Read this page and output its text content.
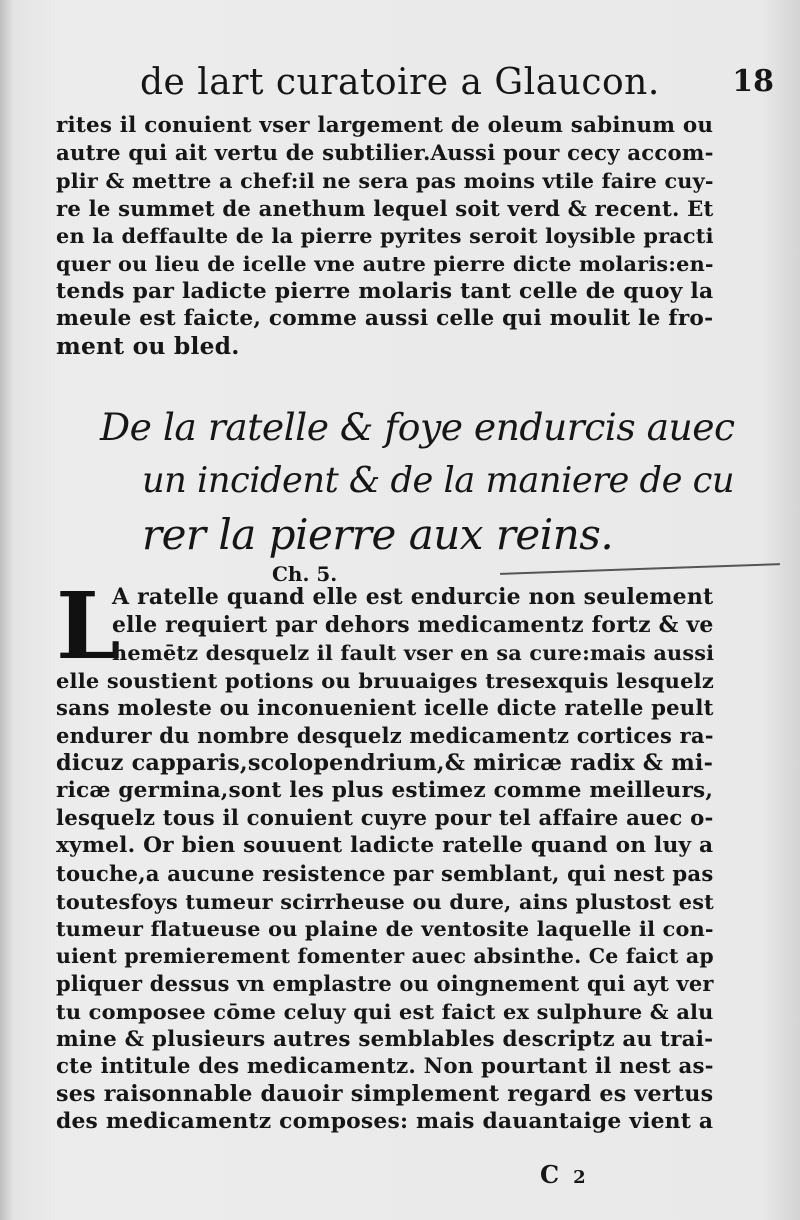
de lart curatoire a Glaucon. 18
rites il conuient vser largement de oleum sabinum ou
autre qui ait vertu de subtilier.Aussi pour cecy accom-
plir & mettre a chef:il ne sera pas moins vtile faire cuy-
re le summet de anethum lequel soit verd & recent. Et
en la deffaulte de la pierre pyrites seroit loysible practi
quer ou lieu de icelle vne autre pierre dicte molaris:en-
tends par ladicte pierre molaris tant celle de quoy la
meule est faicte, comme aussi celle qui moulit le fro-
ment ou bled.
De la ratelle & foye endurcis auec
un incident & de la maniere de cu
rer la pierre aux reins.
Ch. 5.
L
A ratelle quand elle est endurcie non seulement
elle requiert par dehors medicamentz fortz & ve
hemētz desquelz il fault vser en sa cure:mais aussi
elle soustient potions ou bruuaiges tresexquis lesquelz
sans moleste ou inconuenient icelle dicte ratelle peult
endurer du nombre desquelz medicamentz cortices ra-
dicuz capparis,scolopendrium,& miricæ radix & mi-
ricæ germina,sont les plus estimez comme meilleurs,
lesquelz tous il conuient cuyre pour tel affaire auec o-
xymel. Or bien souuent ladicte ratelle quand on luy a
touche,a aucune resistence par semblant, qui nest pas
toutesfoys tumeur scirrheuse ou dure, ains plustost est
tumeur flatueuse ou plaine de ventosite laquelle il con-
uient premierement fomenter auec absinthe. Ce faict ap
pliquer dessus vn emplastre ou oingnement qui ayt ver
tu composee cōme celuy qui est faict ex sulphure & alu
mine & plusieurs autres semblables descriptz au trai-
cte intitule des medicamentz. Non pourtant il nest as-
ses raisonnable dauoir simplement regard es vertus
des medicamentz composes: mais dauantaige vient a
C 2
